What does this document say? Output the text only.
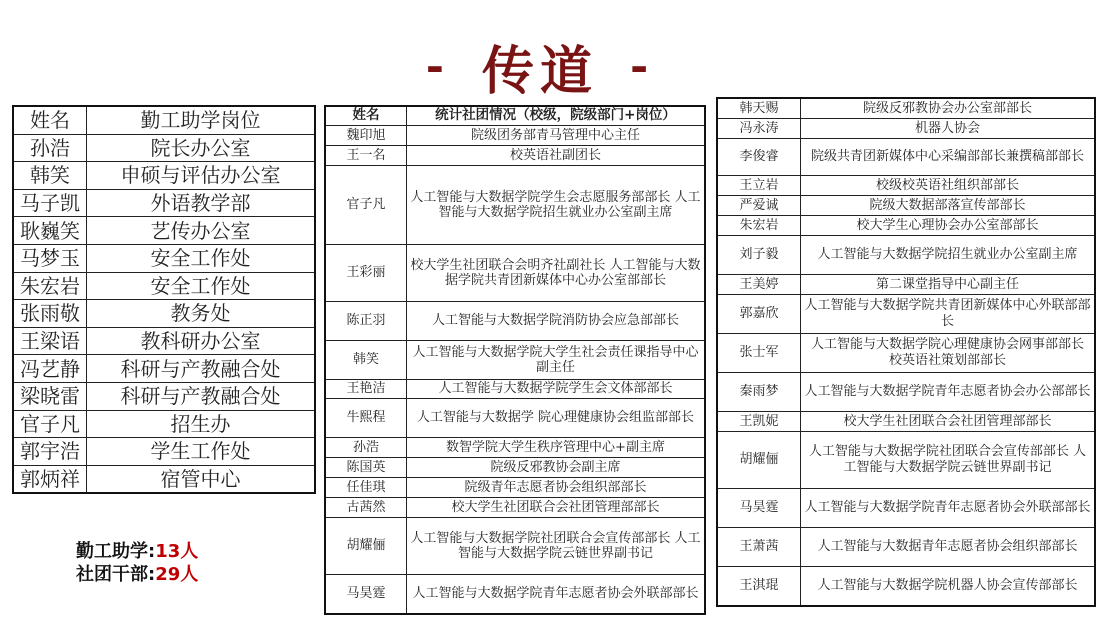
- 传道 -
姓名	勤工助学岗位
孙浩	院长办公室
韩笑	申硕与评估办公室
马子凯	外语教学部
耿巍笑	艺传办公室
马梦玉	安全工作处
朱宏岩	安全工作处
张雨敬	教务处
王梁语	教科研办公室
冯艺静	科研与产教融合处
梁晓雷	科研与产教融合处
官子凡	招生办
郭宇浩	学生工作处
郭炳祥	宿管中心
姓名	统计社团情况（校级，院级部门+岗位）
魏印旭	院级团务部青马管理中心主任
王一名	校英语社副团长
官子凡	人工智能与大数据学院学生会志愿服务部部长 人工智能与大数据学院招生就业办公室副主席
王彩丽	校大学生社团联合会明齐社副社长 人工智能与大数据学院共青团新媒体中心办公室部部长
陈正羽	人工智能与大数据学院消防协会应急部部长
韩笑	人工智能与大数据学院大学生社会责任课指导中心副主任
王艳洁	人工智能与大数据学院学生会文体部部长
牛熙程	人工智能与大数据学 院心理健康协会组监部部长
孙浩	数智学院大学生秩序管理中心+副主席
陈国英	院级反邪教协会副主席
任佳琪	院级青年志愿者协会组织部部长
古茜然	校大学生社团联合会社团管理部部长
胡耀俪	人工智能与大数据学院社团联合会宣传部部长 人工智能与大数据学院云链世界副书记
马昊霆	人工智能与大数据学院青年志愿者协会外联部部长
韩天赐	院级反邪教协会办公室部部长
冯永涛	机器人协会
李俊睿	院级共青团新媒体中心采编部部长兼撰稿部部长
王立岩	校级校英语社组织部部长
严爱诚	院级大数据部落宣传部部长
朱宏岩	校大学生心理协会办公室部部长
刘子毅	人工智能与大数据学院招生就业办公室副主席
王美婷	第二课堂指导中心副主任
郭嘉欣	人工智能与大数据学院共青团新媒体中心外联部部长
张士军	人工智能与大数据学院心理健康协会网事部部长 校英语社策划部部长
秦雨梦	人工智能与大数据学院青年志愿者协会办公部部长
王凯妮	校大学生社团联合会社团管理部部长
胡耀俪	人工智能与大数据学院社团联合会宣传部部长 人工智能与大数据学院云链世界副书记
马昊霆	人工智能与大数据学院青年志愿者协会外联部部长
王萧茜	人工智能与大数据青年志愿者协会组织部部长
王淇琨	人工智能与大数据学院机器人协会宣传部部长
勤工助学:13人
社团干部:29人
